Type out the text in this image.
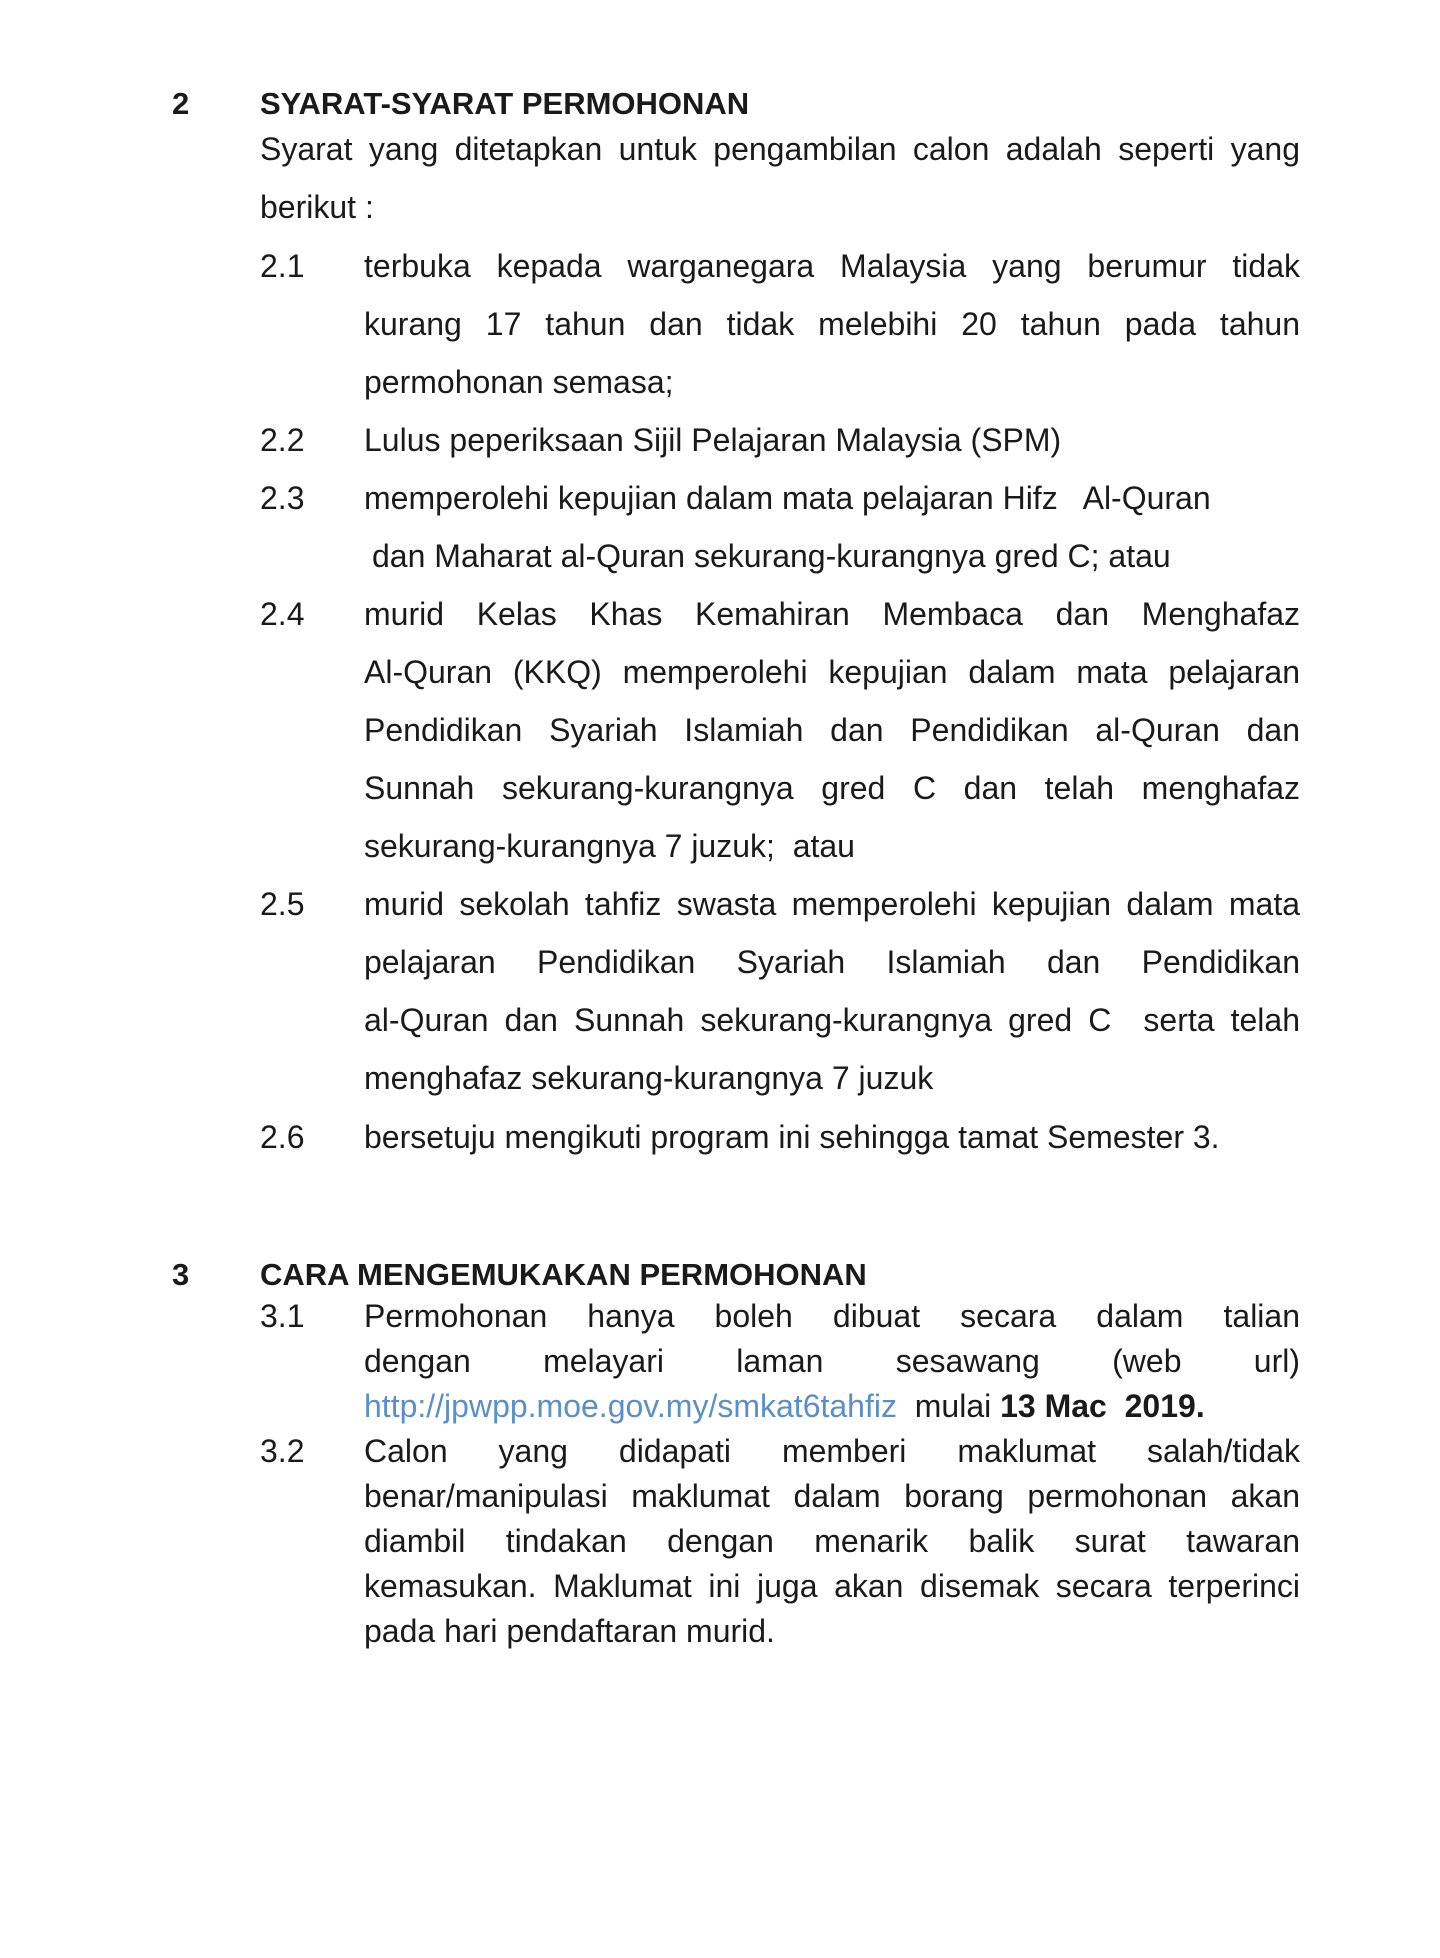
2 SYARAT-SYARAT PERMOHONAN
Syarat yang ditetapkan untuk pengambilan calon adalah seperti yang
berikut :
2.1 terbuka kepada warganegara Malaysia yang berumur tidak
kurang 17 tahun dan tidak melebihi 20 tahun pada tahun
permohonan semasa;
2.2 Lulus peperiksaan Sijil Pelajaran Malaysia (SPM)
2.3 memperolehi kepujian dalam mata pelajaran Hifz   Al-Quran
dan Maharat al-Quran sekurang-kurangnya gred C; atau
2.4 murid Kelas Khas Kemahiran Membaca dan Menghafaz
Al-Quran (KKQ) memperolehi kepujian dalam mata pelajaran
Pendidikan Syariah Islamiah dan Pendidikan al-Quran dan
Sunnah sekurang-kurangnya gred C dan telah menghafaz
sekurang-kurangnya 7 juzuk;  atau
2.5 murid sekolah tahfiz swasta memperolehi kepujian dalam mata
pelajaran Pendidikan Syariah Islamiah dan Pendidikan
al-Quran dan Sunnah sekurang-kurangnya gred C  serta telah
menghafaz sekurang-kurangnya 7 juzuk
2.6 bersetuju mengikuti program ini sehingga tamat Semester 3.
3 CARA MENGEMUKAKAN PERMOHONAN
3.1 Permohonan hanya boleh dibuat secara dalam talian
dengan melayari laman sesawang (web url)
http://jpwpp.moe.gov.my/smkat6tahfiz mulai 13 Mac  2019.
3.2 Calon yang didapati memberi maklumat salah/tidak
benar/manipulasi maklumat dalam borang permohonan akan
diambil tindakan dengan menarik balik surat tawaran
kemasukan. Maklumat ini juga akan disemak secara terperinci
pada hari pendaftaran murid.
